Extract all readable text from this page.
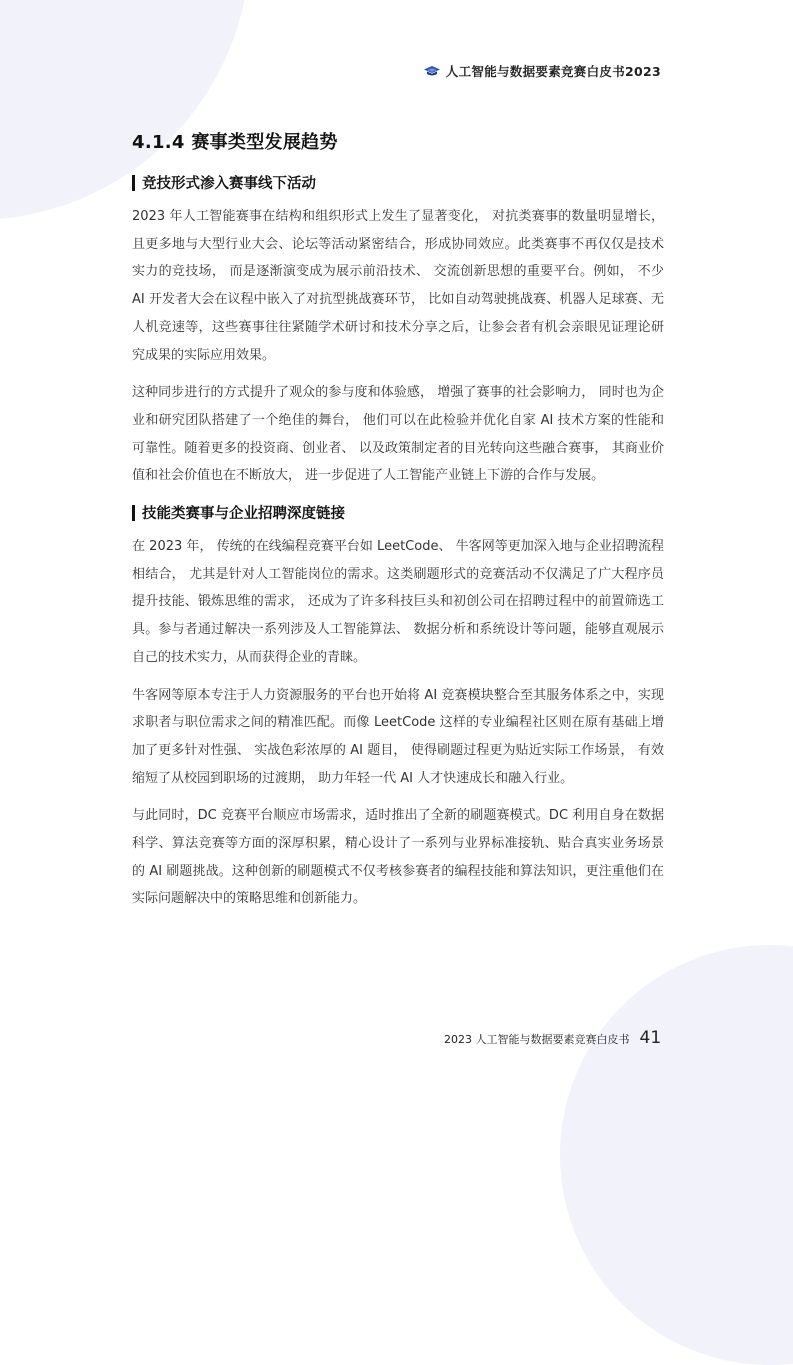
人工智能与数据要素竞赛白皮书2023
4.1.4 赛事类型发展趋势
竞技形式渗入赛事线下活动

2023 年人工智能赛事在结构和组织形式上发生了显著变化， 对抗类赛事的数量明显增长，且更多地与大型行业大会、论坛等活动紧密结合，形成协同效应。此类赛事不再仅仅是技术实力的竞技场， 而是逐渐演变成为展示前沿技术、 交流创新思想的重要平台。例如， 不少 AI 开发者大会在议程中嵌入了对抗型挑战赛环节， 比如自动驾驶挑战赛、机器人足球赛、无人机竞速等，这些赛事往往紧随学术研讨和技术分享之后，让参会者有机会亲眼见证理论研究成果的实际应用效果。

这种同步进行的方式提升了观众的参与度和体验感， 增强了赛事的社会影响力， 同时也为企业和研究团队搭建了一个绝佳的舞台， 他们可以在此检验并优化自家 AI 技术方案的性能和可靠性。随着更多的投资商、创业者、 以及政策制定者的目光转向这些融合赛事， 其商业价值和社会价值也在不断放大， 进一步促进了人工智能产业链上下游的合作与发展。

技能类赛事与企业招聘深度链接

在 2023 年， 传统的在线编程竞赛平台如 LeetCode、 牛客网等更加深入地与企业招聘流程相结合， 尤其是针对人工智能岗位的需求。这类刷题形式的竞赛活动不仅满足了广大程序员提升技能、锻炼思维的需求， 还成为了许多科技巨头和初创公司在招聘过程中的前置筛选工具。参与者通过解决一系列涉及人工智能算法、 数据分析和系统设计等问题，能够直观展示自己的技术实力，从而获得企业的青睐。

牛客网等原本专注于人力资源服务的平台也开始将 AI 竞赛模块整合至其服务体系之中，实现求职者与职位需求之间的精准匹配。而像 LeetCode 这样的专业编程社区则在原有基础上增加了更多针对性强、 实战色彩浓厚的 AI 题目， 使得刷题过程更为贴近实际工作场景， 有效缩短了从校园到职场的过渡期， 助力年轻一代 AI 人才快速成长和融入行业。

与此同时，DC 竞赛平台顺应市场需求，适时推出了全新的刷题赛模式。DC 利用自身在数据科学、算法竞赛等方面的深厚积累，精心设计了一系列与业界标准接轨、贴合真实业务场景的 AI 刷题挑战。这种创新的刷题模式不仅考核参赛者的编程技能和算法知识，更注重他们在实际问题解决中的策略思维和创新能力。

2023 人工智能与数据要素竞赛白皮书 41
